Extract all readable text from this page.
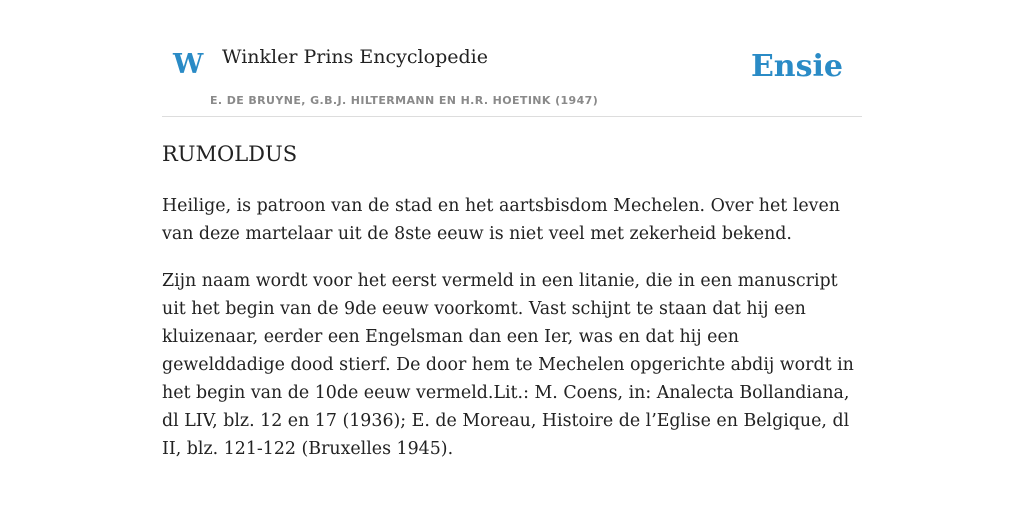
W Winkler Prins Encyclopedie
E. DE BRUYNE, G.B.J. HILTERMANN EN H.R. HOETINK (1947)
Ensie
RUMOLDUS

Heilige, is patroon van de stad en het aartsbisdom Mechelen. Over het leven van deze martelaar uit de 8ste eeuw is niet veel met zekerheid bekend.

Zijn naam wordt voor het eerst vermeld in een litanie, die in een manuscript uit het begin van de 9de eeuw voorkomt. Vast schijnt te staan dat hij een kluizenaar, eerder een Engelsman dan een Ier, was en dat hij een gewelddadige dood stierf. De door hem te Mechelen opgerichte abdij wordt in het begin van de 10de eeuw vermeld.Lit.: M. Coens, in: Analecta Bollandiana, dl LIV, blz. 12 en 17 (1936); E. de Moreau, Histoire de l’Eglise en Belgique, dl II, blz. 121-122 (Bruxelles 1945).
